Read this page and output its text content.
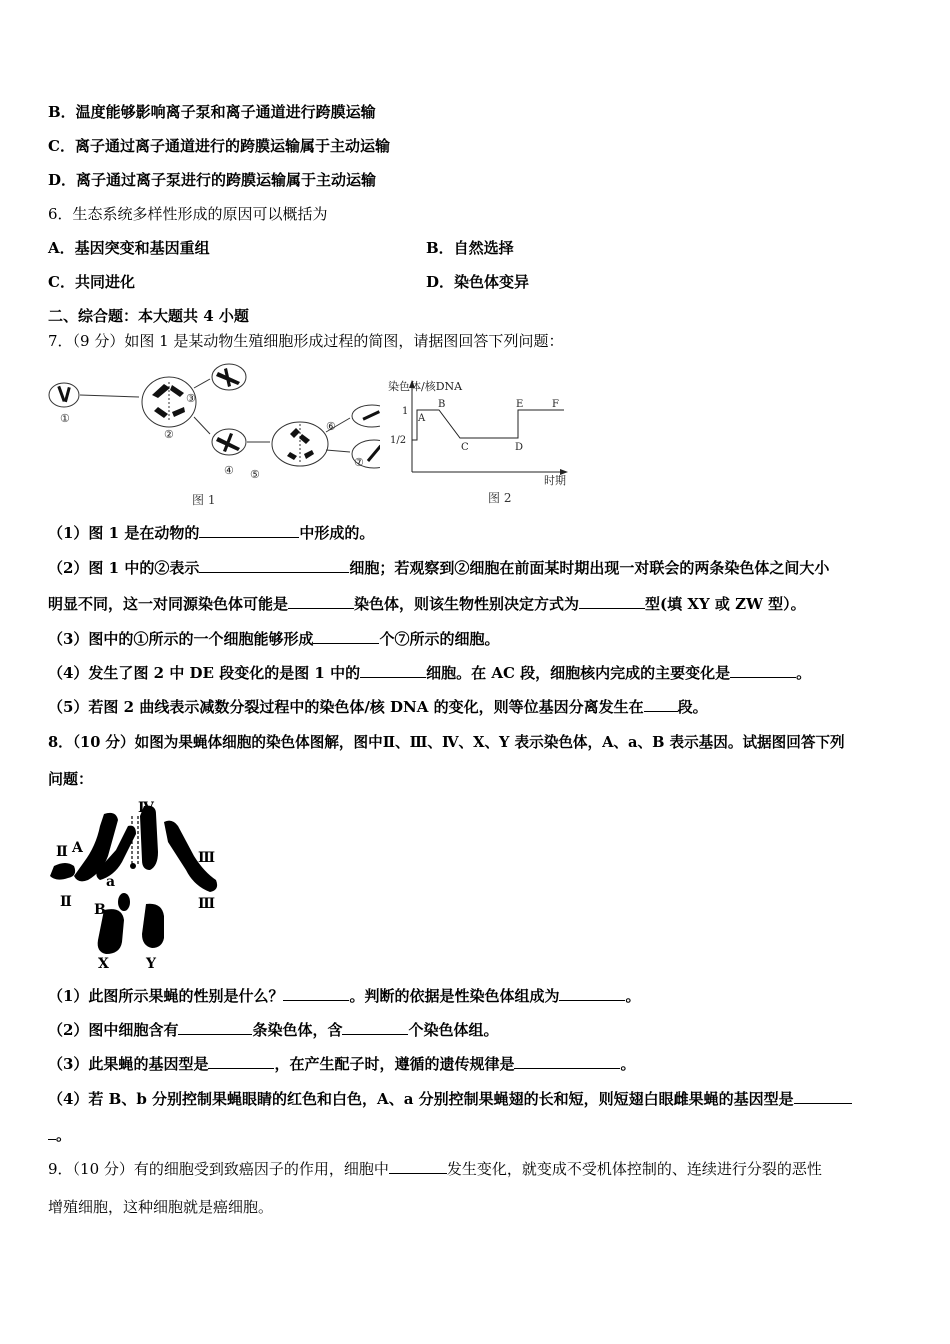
B．温度能够影响离子泵和离子通道进行跨膜运输
C．离子通过离子通道进行的跨膜运输属于主动运输
D．离子通过离子泵进行的跨膜运输属于主动运输
6．生态系统多样性形成的原因可以概括为
A．基因突变和基因重组	B．自然选择
C．共同进化	D．染色体变异
二、综合题：本大题共 4 小题
7．（9 分）如图 1 是某动物生殖细胞形成过程的简图，请据图回答下列问题：
①
②
③
④ ⑤
⑥
⑦
图 1
染色体/核DNA
1
1/2
A
B
C	D
E	F
时期
图 2
（1）图 1 是在动物的	中形成的。
（2）图 1 中的②表示	细胞；若观察到②细胞在前面某时期出现一对联会的两条染色体之间大小
明显不同，这一对同源染色体可能是	染色体，则该生物性别决定方式为	型(填 XY 或 ZW 型）。
（3）图中的①所示的一个细胞能够形成	个⑦所示的细胞。
（4）发生了图 2 中 DE 段变化的是图 1 中的	细胞。在 AC 段，细胞核内完成的主要变化是	。
（5）若图 2 曲线表示减数分裂过程中的染色体/核 DNA 的变化，则等位基因分离发生在 段。
8．（10 分）如图为果蝇体细胞的染色体图解，图中Ⅱ、Ⅲ、Ⅳ、X、Y 表示染色体，A、a、B 表示基因。试据图回答下列
问题：
Ⅳ
Ⅱ A
Ⅲ
a
Ⅱ B	Ⅲ
X	Y
（1）此图所示果蝇的性别是什么？	。判断的依据是性染色体组成为	。
（2）图中细胞含有	条染色体，含	个染色体组。
（3）此果蝇的基因型是	，在产生配子时，遵循的遗传规律是	。
（4）若 B、b 分别控制果蝇眼睛的红色和白色，A、a 分别控制果蝇翅的长和短，则短翅白眼雌果蝇的基因型是
。
9．（10 分）有的细胞受到致癌因子的作用，细胞中	发生变化，就变成不受机体控制的、连续进行分裂的恶性
增殖细胞，这种细胞就是癌细胞。
